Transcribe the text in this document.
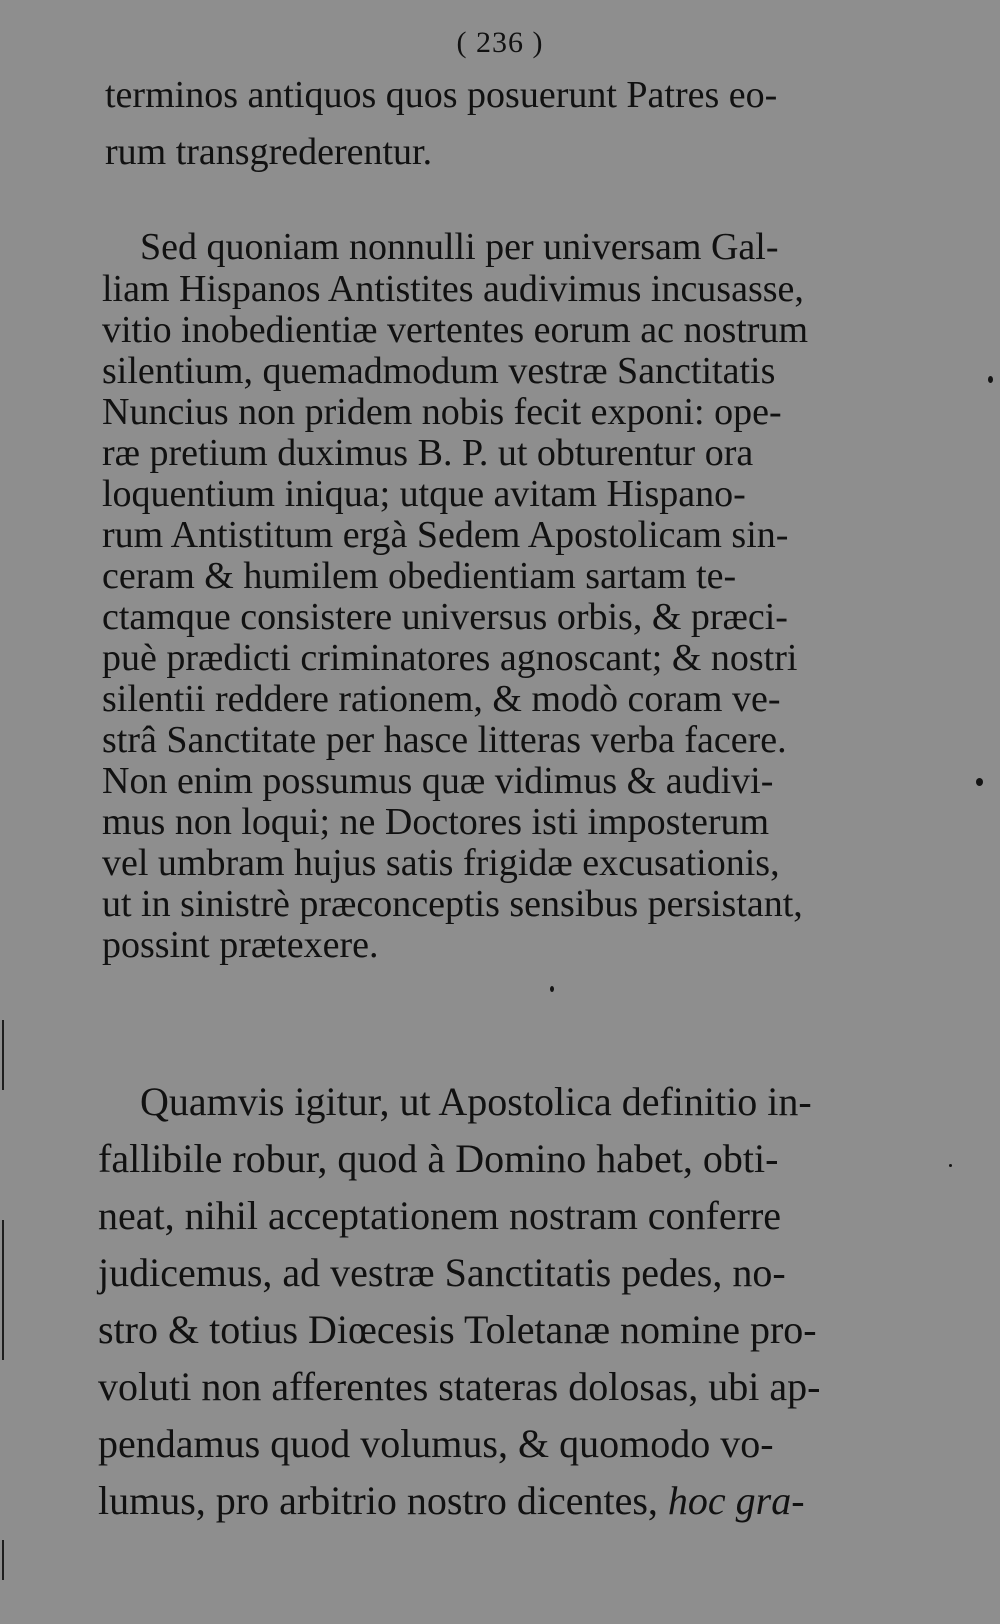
( 236 )
terminos antiquos quos posuerunt Patres eo-
rum transgrederentur.
Sed quoniam nonnulli per universam Gal-
liam Hispanos Antistites audivimus incusasse,
vitio inobedientiæ vertentes eorum ac nostrum
silentium, quemadmodum vestræ Sanctitatis
Nuncius non pridem nobis fecit exponi: ope-
ræ pretium duximus B. P. ut obturentur ora
loquentium iniqua; utque avitam Hispano-
rum Antistitum ergà Sedem Apostolicam sin-
ceram & humilem obedientiam sartam te-
ctamque consistere universus orbis, & præci-
puè prædicti criminatores agnoscant; & nostri
silentii reddere rationem, & modò coram ve-
strâ Sanctitate per hasce litteras verba facere.
Non enim possumus quæ vidimus & audivi-
mus non loqui; ne Doctores isti imposterum
vel umbram hujus satis frigidæ excusationis,
ut in sinistrè præconceptis sensibus persistant,
possint prætexere.
Quamvis igitur, ut Apostolica definitio in-
fallibile robur, quod à Domino habet, obti-
neat, nihil acceptationem nostram conferre
judicemus, ad vestræ Sanctitatis pedes, no-
stro & totius Diœcesis Toletanæ nomine pro-
voluti non afferentes stateras dolosas, ubi ap-
pendamus quod volumus, & quomodo vo-
lumus, pro arbitrio nostro dicentes, hoc gra-
